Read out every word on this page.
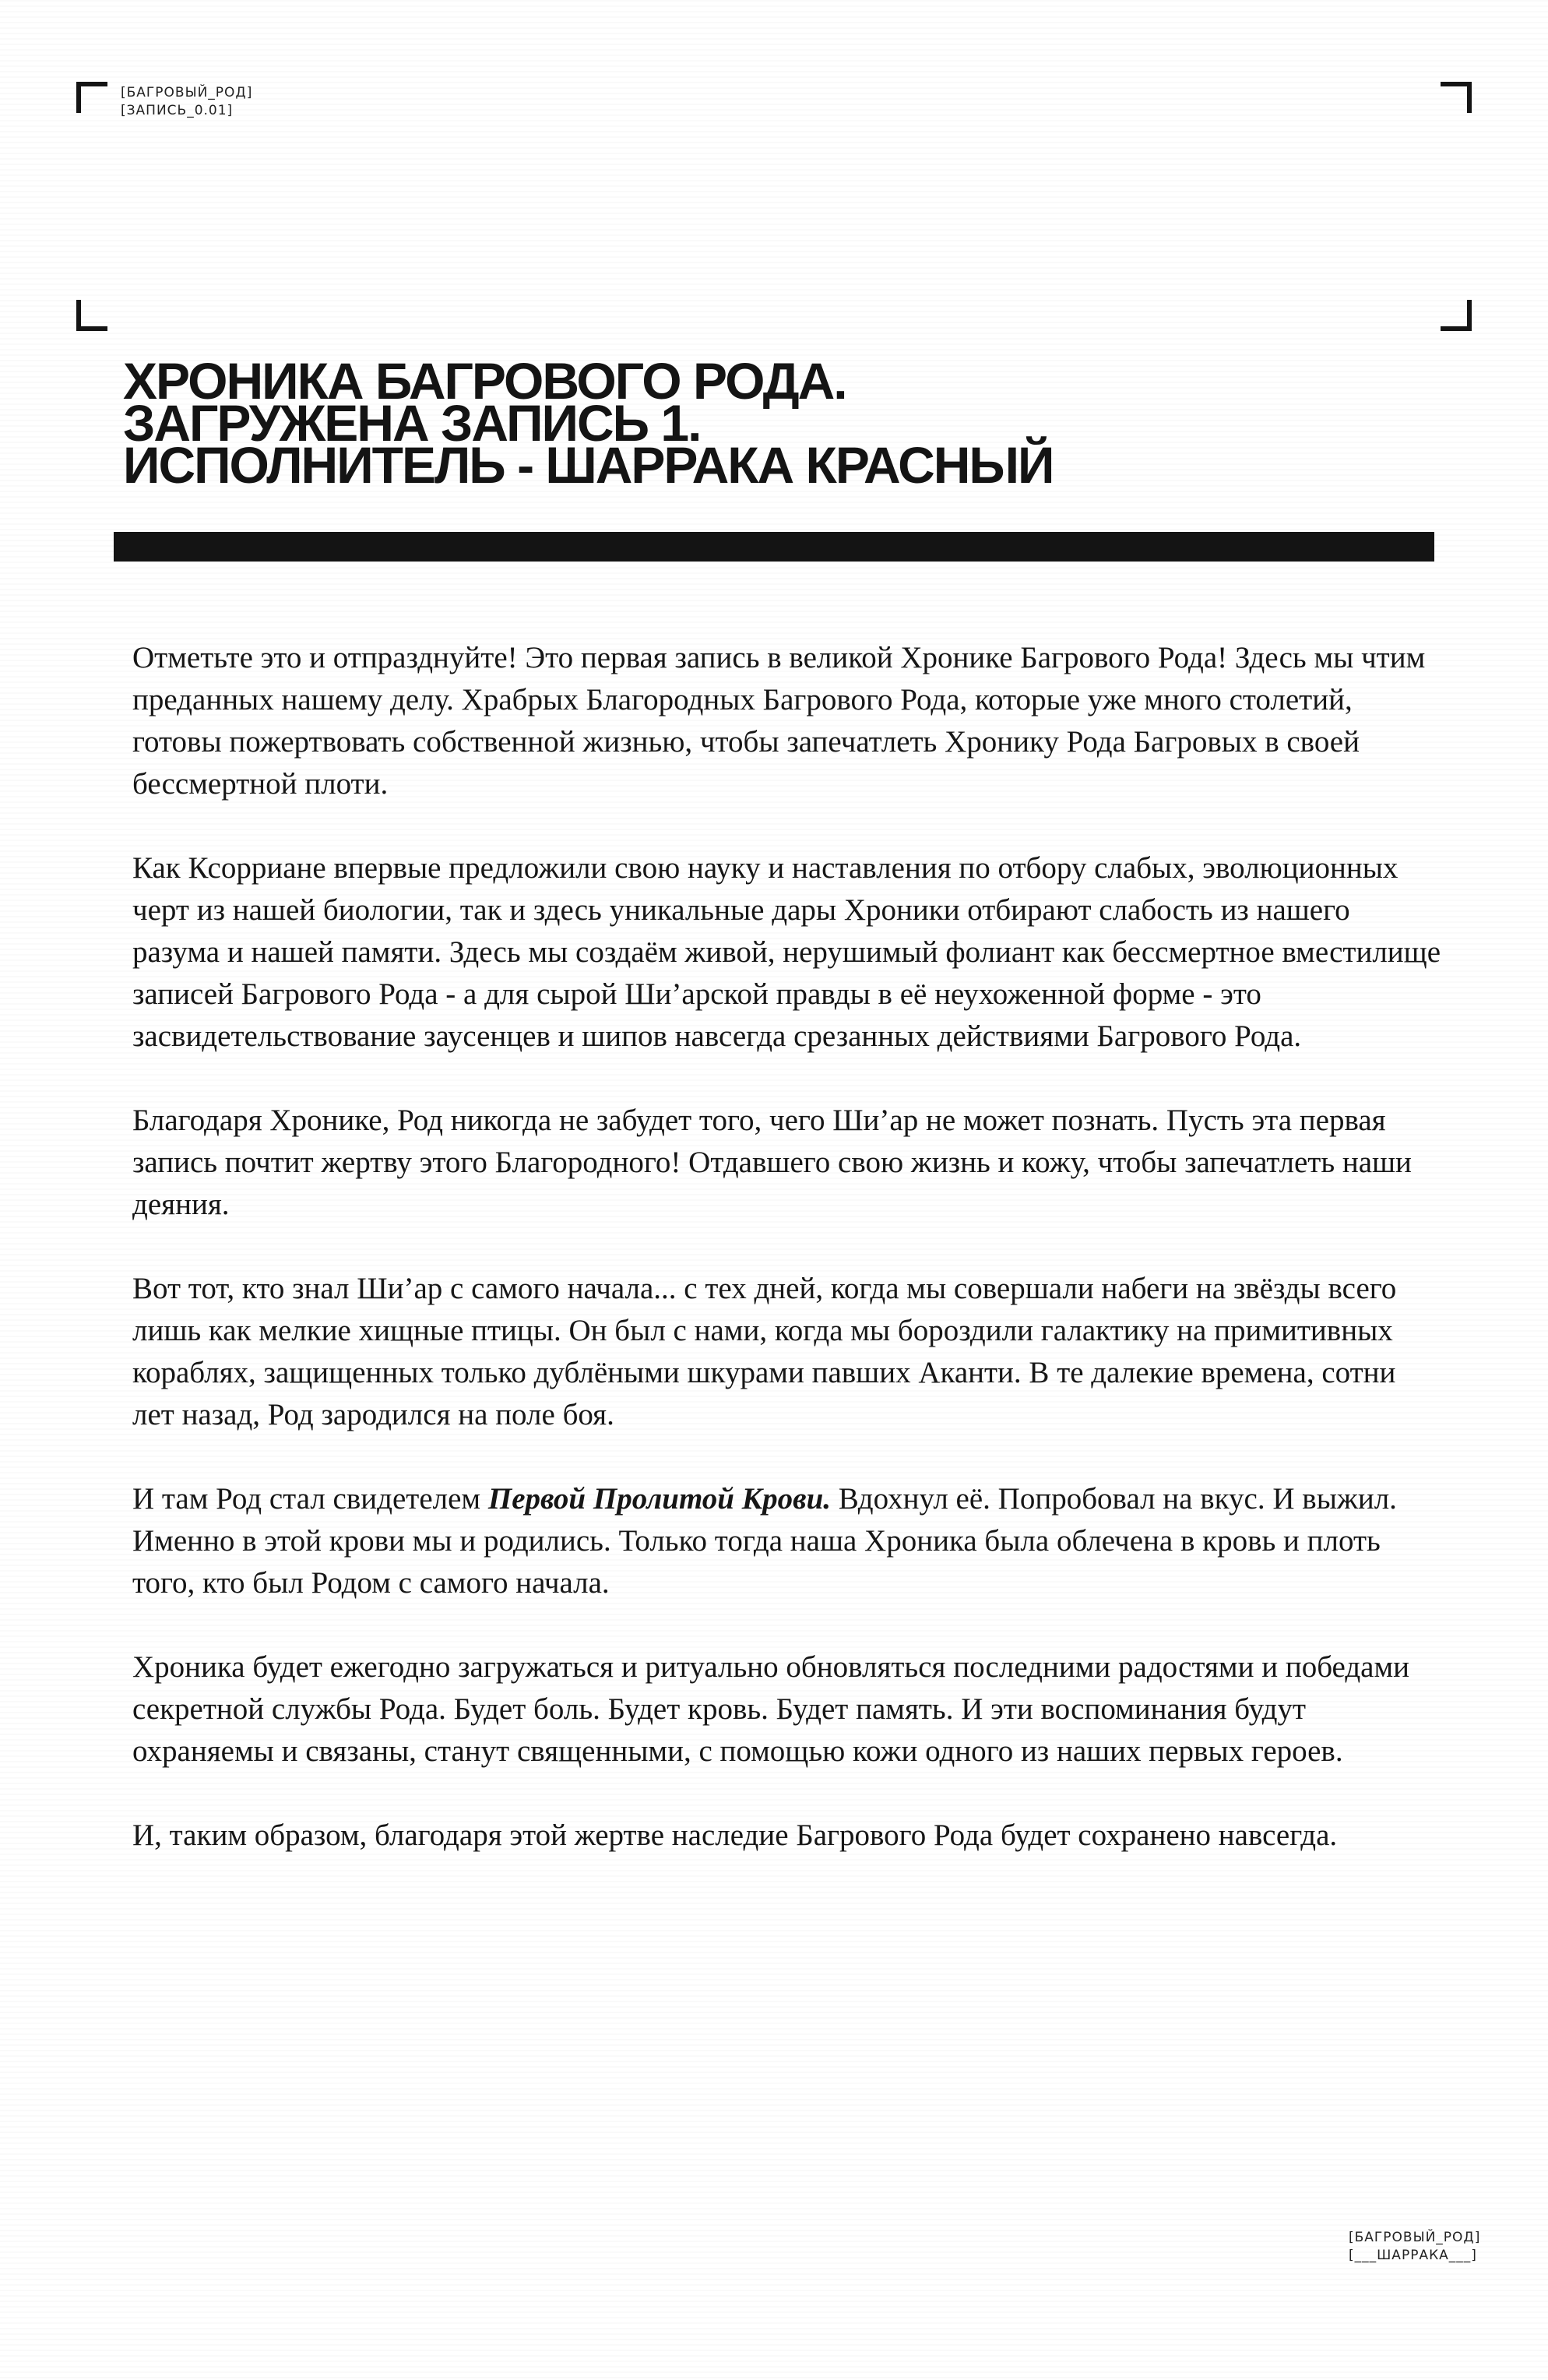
[БАГРОВЫЙ_РОД]
[ЗАПИСЬ_0.01]
ХРОНИКА БАГРОВОГО РОДА.
ЗАГРУЖЕНА ЗАПИСЬ 1.
ИСПОЛНИТЕЛЬ - ШАРРАКА КРАСНЫЙ

Отметьте это и отпразднуйте! Это первая запись в великой Хронике Багрового Рода! Здесь мы чтим преданных нашему делу. Храбрых Благородных Багрового Рода, которые уже много столетий, готовы пожертвовать собственной жизнью, чтобы запечатлеть Хронику Рода Багровых в своей бессмертной плоти.

Как Ксорриане впервые предложили свою науку и наставления по отбору слабых, эволюционных черт из нашей биологии, так и здесь уникальные дары Хроники отбирают слабость из нашего разума и нашей памяти. Здесь мы создаём живой, нерушимый фолиант как бессмертное вместилище записей Багрового Рода - а для сырой Ши’арской правды в её неухоженной форме - это засвидетельствование заусенцев и шипов навсегда срезанных действиями Багрового Рода.

Благодаря Хронике, Род никогда не забудет того, чего Ши’ар не может познать. Пусть эта первая запись почтит жертву этого Благородного! Отдавшего свою жизнь и кожу, чтобы запечатлеть наши деяния.

Вот тот, кто знал Ши’ар с самого начала... с тех дней, когда мы совершали набеги на звёзды всего лишь как мелкие хищные птицы. Он был с нами, когда мы бороздили галактику на примитивных кораблях, защищенных только дублёными шкурами павших Аканти. В те далекие времена, сотни лет назад, Род зародился на поле боя.

И там Род стал свидетелем Первой Пролитой Крови. Вдохнул её. Попробовал на вкус. И выжил. Именно в этой крови мы и родились. Только тогда наша Хроника была облечена в кровь и плоть того, кто был Родом с самого начала.

Хроника будет ежегодно загружаться и ритуально обновляться последними радостями и победами секретной службы Рода. Будет боль. Будет кровь. Будет память. И эти воспоминания будут охраняемы и связаны, станут священными, с помощью кожи одного из наших первых героев.

И, таким образом, благодаря этой жертве наследие Багрового Рода будет сохранено навсегда.

[БАГРОВЫЙ_РОД]
[___ШАРРАКА___]
